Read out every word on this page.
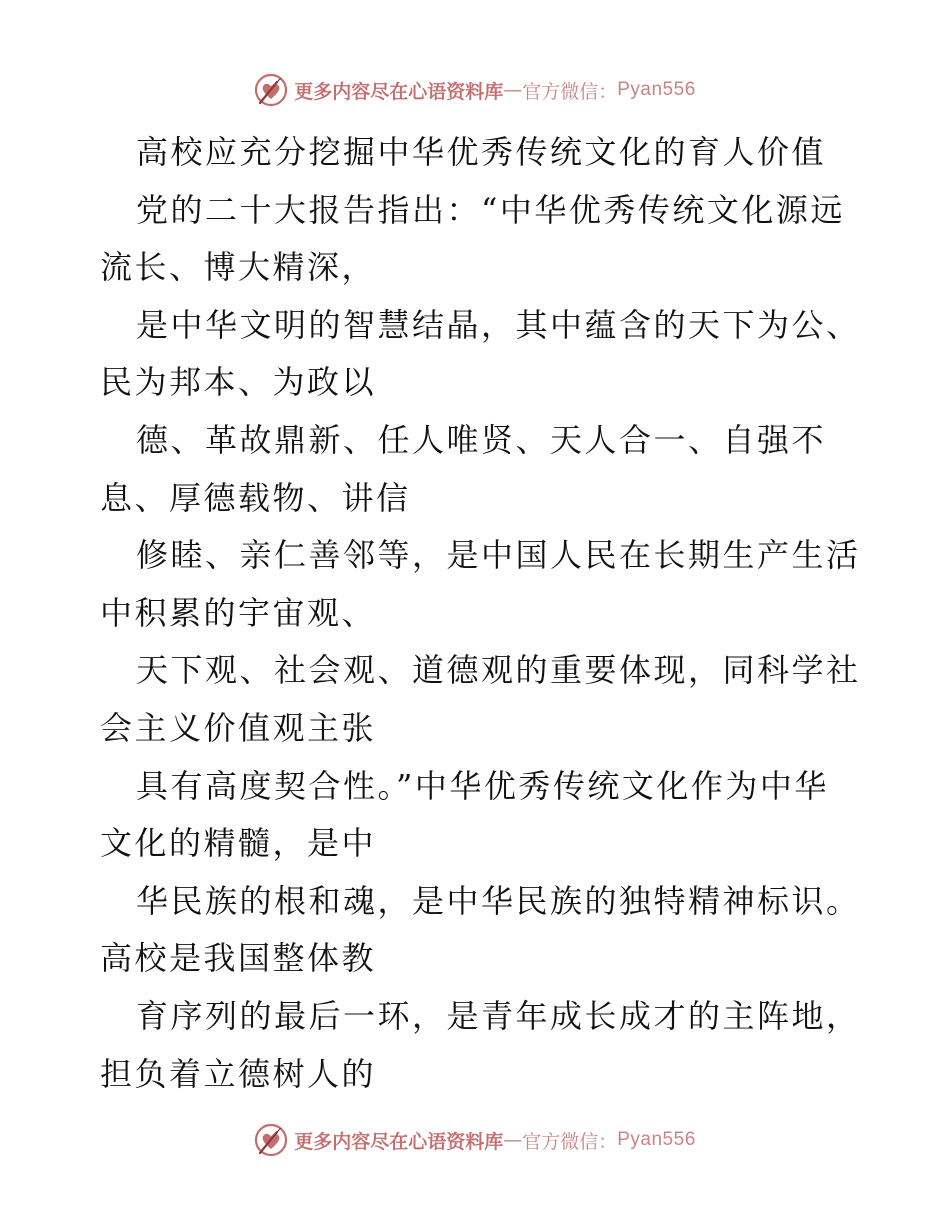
更多内容尽在心语资料库 — 官方微信： Pyan556

高校应充分挖掘中华优秀传统文化的育人价值

党的二十大报告指出：“中华优秀传统文化源远

流长、博大精深，

是中华文明的智慧结晶，其中蕴含的天下为公、

民为邦本、为政以

德、革故鼎新、任人唯贤、天人合一、自强不

息、厚德载物、讲信

修睦、亲仁善邻等，是中国人民在长期生产生活

中积累的宇宙观、

天下观、社会观、道德观的重要体现，同科学社

会主义价值观主张

具有高度契合性。”中华优秀传统文化作为中华

文化的精髓，是中

华民族的根和魂，是中华民族的独特精神标识。

高校是我国整体教

育序列的最后一环，是青年成长成才的主阵地，

担负着立德树人的

更多内容尽在心语资料库 — 官方微信： Pyan556
